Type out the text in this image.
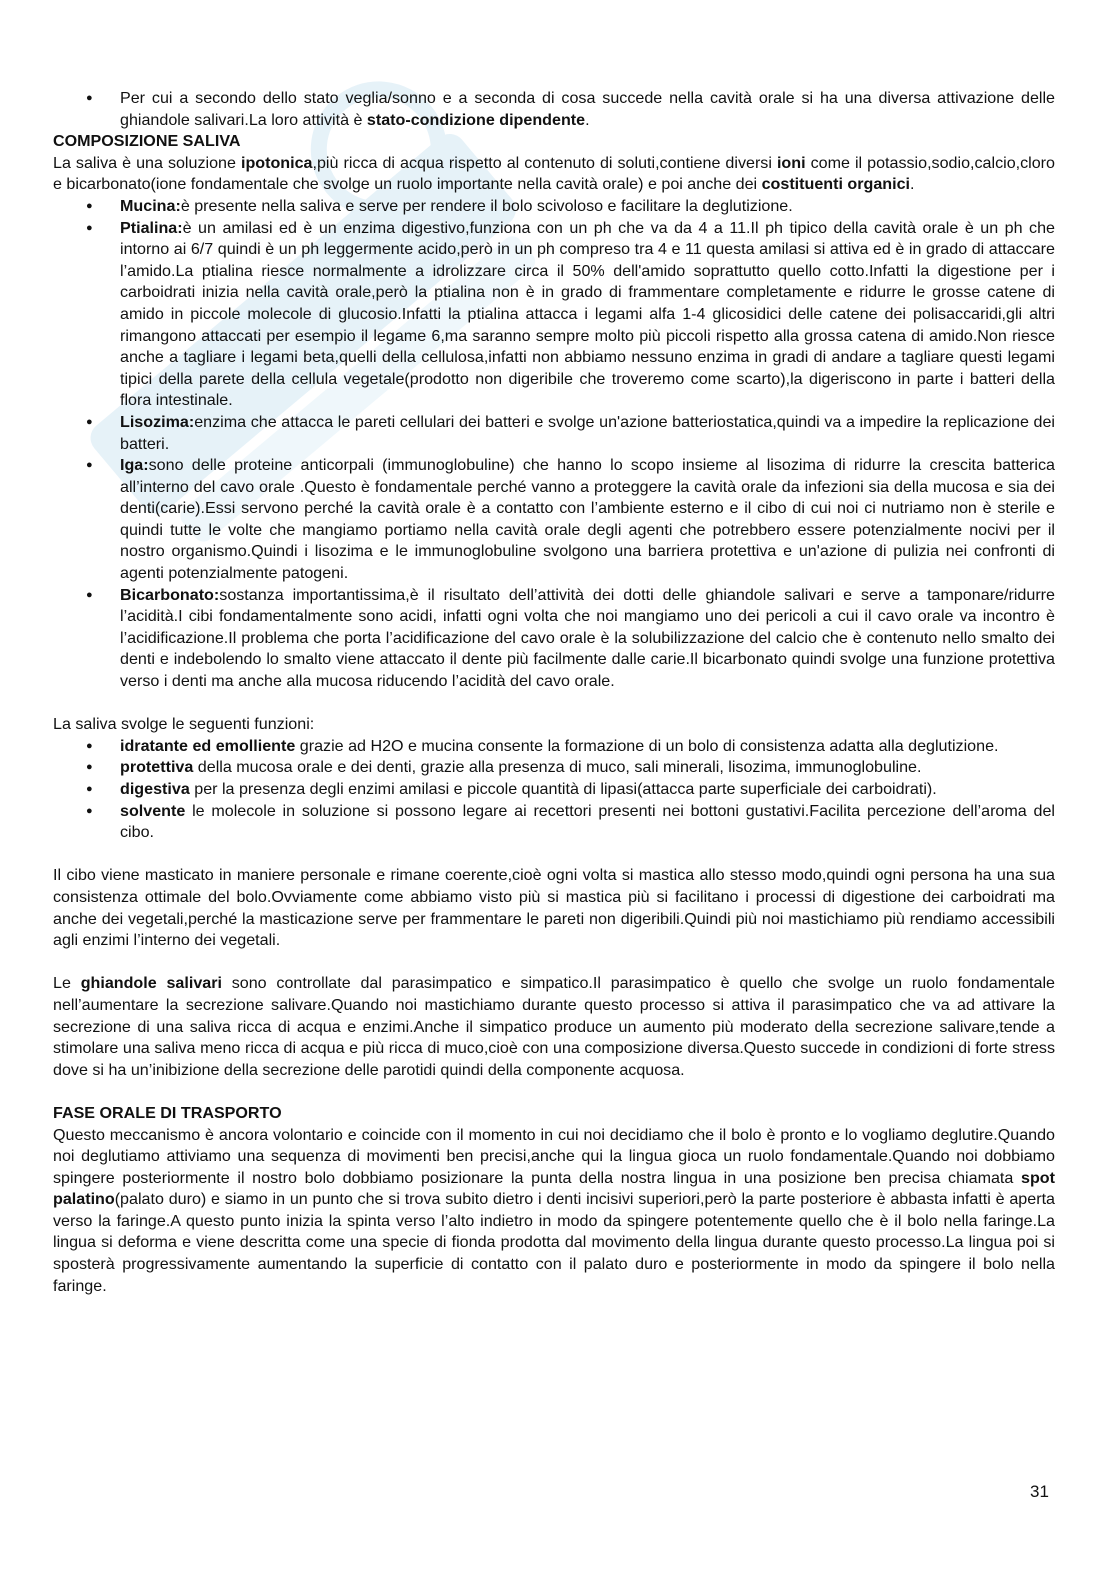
● Per cui a secondo dello stato veglia/sonno e a seconda di cosa succede nella cavità orale si ha una diversa attivazione delle ghiandole salivari.La loro attività è stato-condizione dipendente.

COMPOSIZIONE SALIVA

La saliva è una soluzione ipotonica,più ricca di acqua rispetto al contenuto di soluti,contiene diversi ioni come il potassio,sodio,calcio,cloro e bicarbonato(ione fondamentale che svolge un ruolo importante nella cavità orale) e poi anche dei costituenti organici.

● Mucina:è presente nella saliva e serve per rendere il bolo scivoloso e facilitare la deglutizione.
● Ptialina:è un amilasi ed è un enzima digestivo,funziona con un ph che va da 4 a 11.Il ph tipico della cavità orale è un ph che intorno ai 6/7 quindi è un ph leggermente acido,però in un ph compreso tra 4 e 11 questa amilasi si attiva ed è in grado di attaccare l’amido.La ptialina riesce normalmente a idrolizzare circa il 50% dell'amido soprattutto quello cotto.Infatti la digestione per i carboidrati inizia nella cavità orale,però la ptialina non è in grado di frammentare completamente e ridurre le grosse catene di amido in piccole molecole di glucosio.Infatti la ptialina attacca i legami alfa 1-4 glicosidici delle catene dei polisaccaridi,gli altri rimangono attaccati per esempio il legame 6,ma saranno sempre molto più piccoli rispetto alla grossa catena di amido.Non riesce anche a tagliare i legami beta,quelli della cellulosa,infatti non abbiamo nessuno enzima in gradi di andare a tagliare questi legami tipici della parete della cellula vegetale(prodotto non digeribile che troveremo come scarto),la digeriscono in parte i batteri della flora intestinale.
● Lisozima:enzima che attacca le pareti cellulari dei batteri e svolge un'azione batteriostatica,quindi va a impedire la replicazione dei batteri.
● Iga:sono delle proteine anticorpali (immunoglobuline) che hanno lo scopo insieme al lisozima di ridurre la crescita batterica all’interno del cavo orale .Questo è fondamentale perché vanno a proteggere la cavità orale da infezioni sia della mucosa e sia dei denti(carie).Essi servono perché la cavità orale è a contatto con l’ambiente esterno e il cibo di cui noi ci nutriamo non è sterile e quindi tutte le volte che mangiamo portiamo nella cavità orale degli agenti che potrebbero essere potenzialmente nocivi per il nostro organismo.Quindi i lisozima e le immunoglobuline svolgono una barriera protettiva e un'azione di pulizia nei confronti di agenti potenzialmente patogeni.
● Bicarbonato:sostanza importantissima,è il risultato dell’attività dei dotti delle ghiandole salivari e serve a tamponare/ridurre l’acidità.I cibi fondamentalmente sono acidi, infatti ogni volta che noi mangiamo uno dei pericoli a cui il cavo orale va incontro è l’acidificazione.Il problema che porta l’acidificazione del cavo orale è la solubilizzazione del calcio che è contenuto nello smalto dei denti e indebolendo lo smalto viene attaccato il dente più facilmente dalle carie.Il bicarbonato quindi svolge una funzione protettiva verso i denti ma anche alla mucosa riducendo l’acidità del cavo orale.

La saliva svolge le seguenti funzioni:

● idratante ed emolliente grazie ad H2O e mucina consente la formazione di un bolo di consistenza adatta alla deglutizione.
● protettiva della mucosa orale e dei denti, grazie alla presenza di muco, sali minerali, lisozima, immunoglobuline.
● digestiva per la presenza degli enzimi amilasi e piccole quantità di lipasi(attacca parte superficiale dei carboidrati).
● solvente le molecole in soluzione si possono legare ai recettori presenti nei bottoni gustativi.Facilita percezione dell’aroma del cibo.

Il cibo viene masticato in maniere personale e rimane coerente,cioè ogni volta si mastica allo stesso modo,quindi ogni persona ha una sua consistenza ottimale del bolo.Ovviamente come abbiamo visto più si mastica più si facilitano i processi di digestione dei carboidrati ma anche dei vegetali,perché la masticazione serve per frammentare le pareti non digeribili.Quindi più noi mastichiamo più rendiamo accessibili agli enzimi l’interno dei vegetali.

Le ghiandole salivari sono controllate dal parasimpatico e simpatico.Il parasimpatico è quello che svolge un ruolo fondamentale nell’aumentare la secrezione salivare.Quando noi mastichiamo durante questo processo si attiva il parasimpatico che va ad attivare la secrezione di una saliva ricca di acqua e enzimi.Anche il simpatico produce un aumento più moderato della secrezione salivare,tende a stimolare una saliva meno ricca di acqua e più ricca di muco,cioè con una composizione diversa.Questo succede in condizioni di forte stress dove si ha un’inibizione della secrezione delle parotidi quindi della componente acquosa.

FASE ORALE DI TRASPORTO

Questo meccanismo è ancora volontario e coincide con il momento in cui noi decidiamo che il bolo è pronto e lo vogliamo deglutire.Quando noi deglutiamo attiviamo una sequenza di movimenti ben precisi,anche qui la lingua gioca un ruolo fondamentale.Quando noi dobbiamo spingere posteriormente il nostro bolo dobbiamo posizionare la punta della nostra lingua in una posizione ben precisa chiamata spot palatino(palato duro) e siamo in un punto che si trova subito dietro i denti incisivi superiori,però la parte posteriore è abbasta infatti è aperta verso la faringe.A questo punto inizia la spinta verso l’alto indietro in modo da spingere potentemente quello che è il bolo nella faringe.La lingua si deforma e viene descritta come una specie di fionda prodotta dal movimento della lingua durante questo processo.La lingua poi si sposterà progressivamente aumentando la superficie di contatto con il palato duro e posteriormente in modo da spingere il bolo nella faringe.

31
